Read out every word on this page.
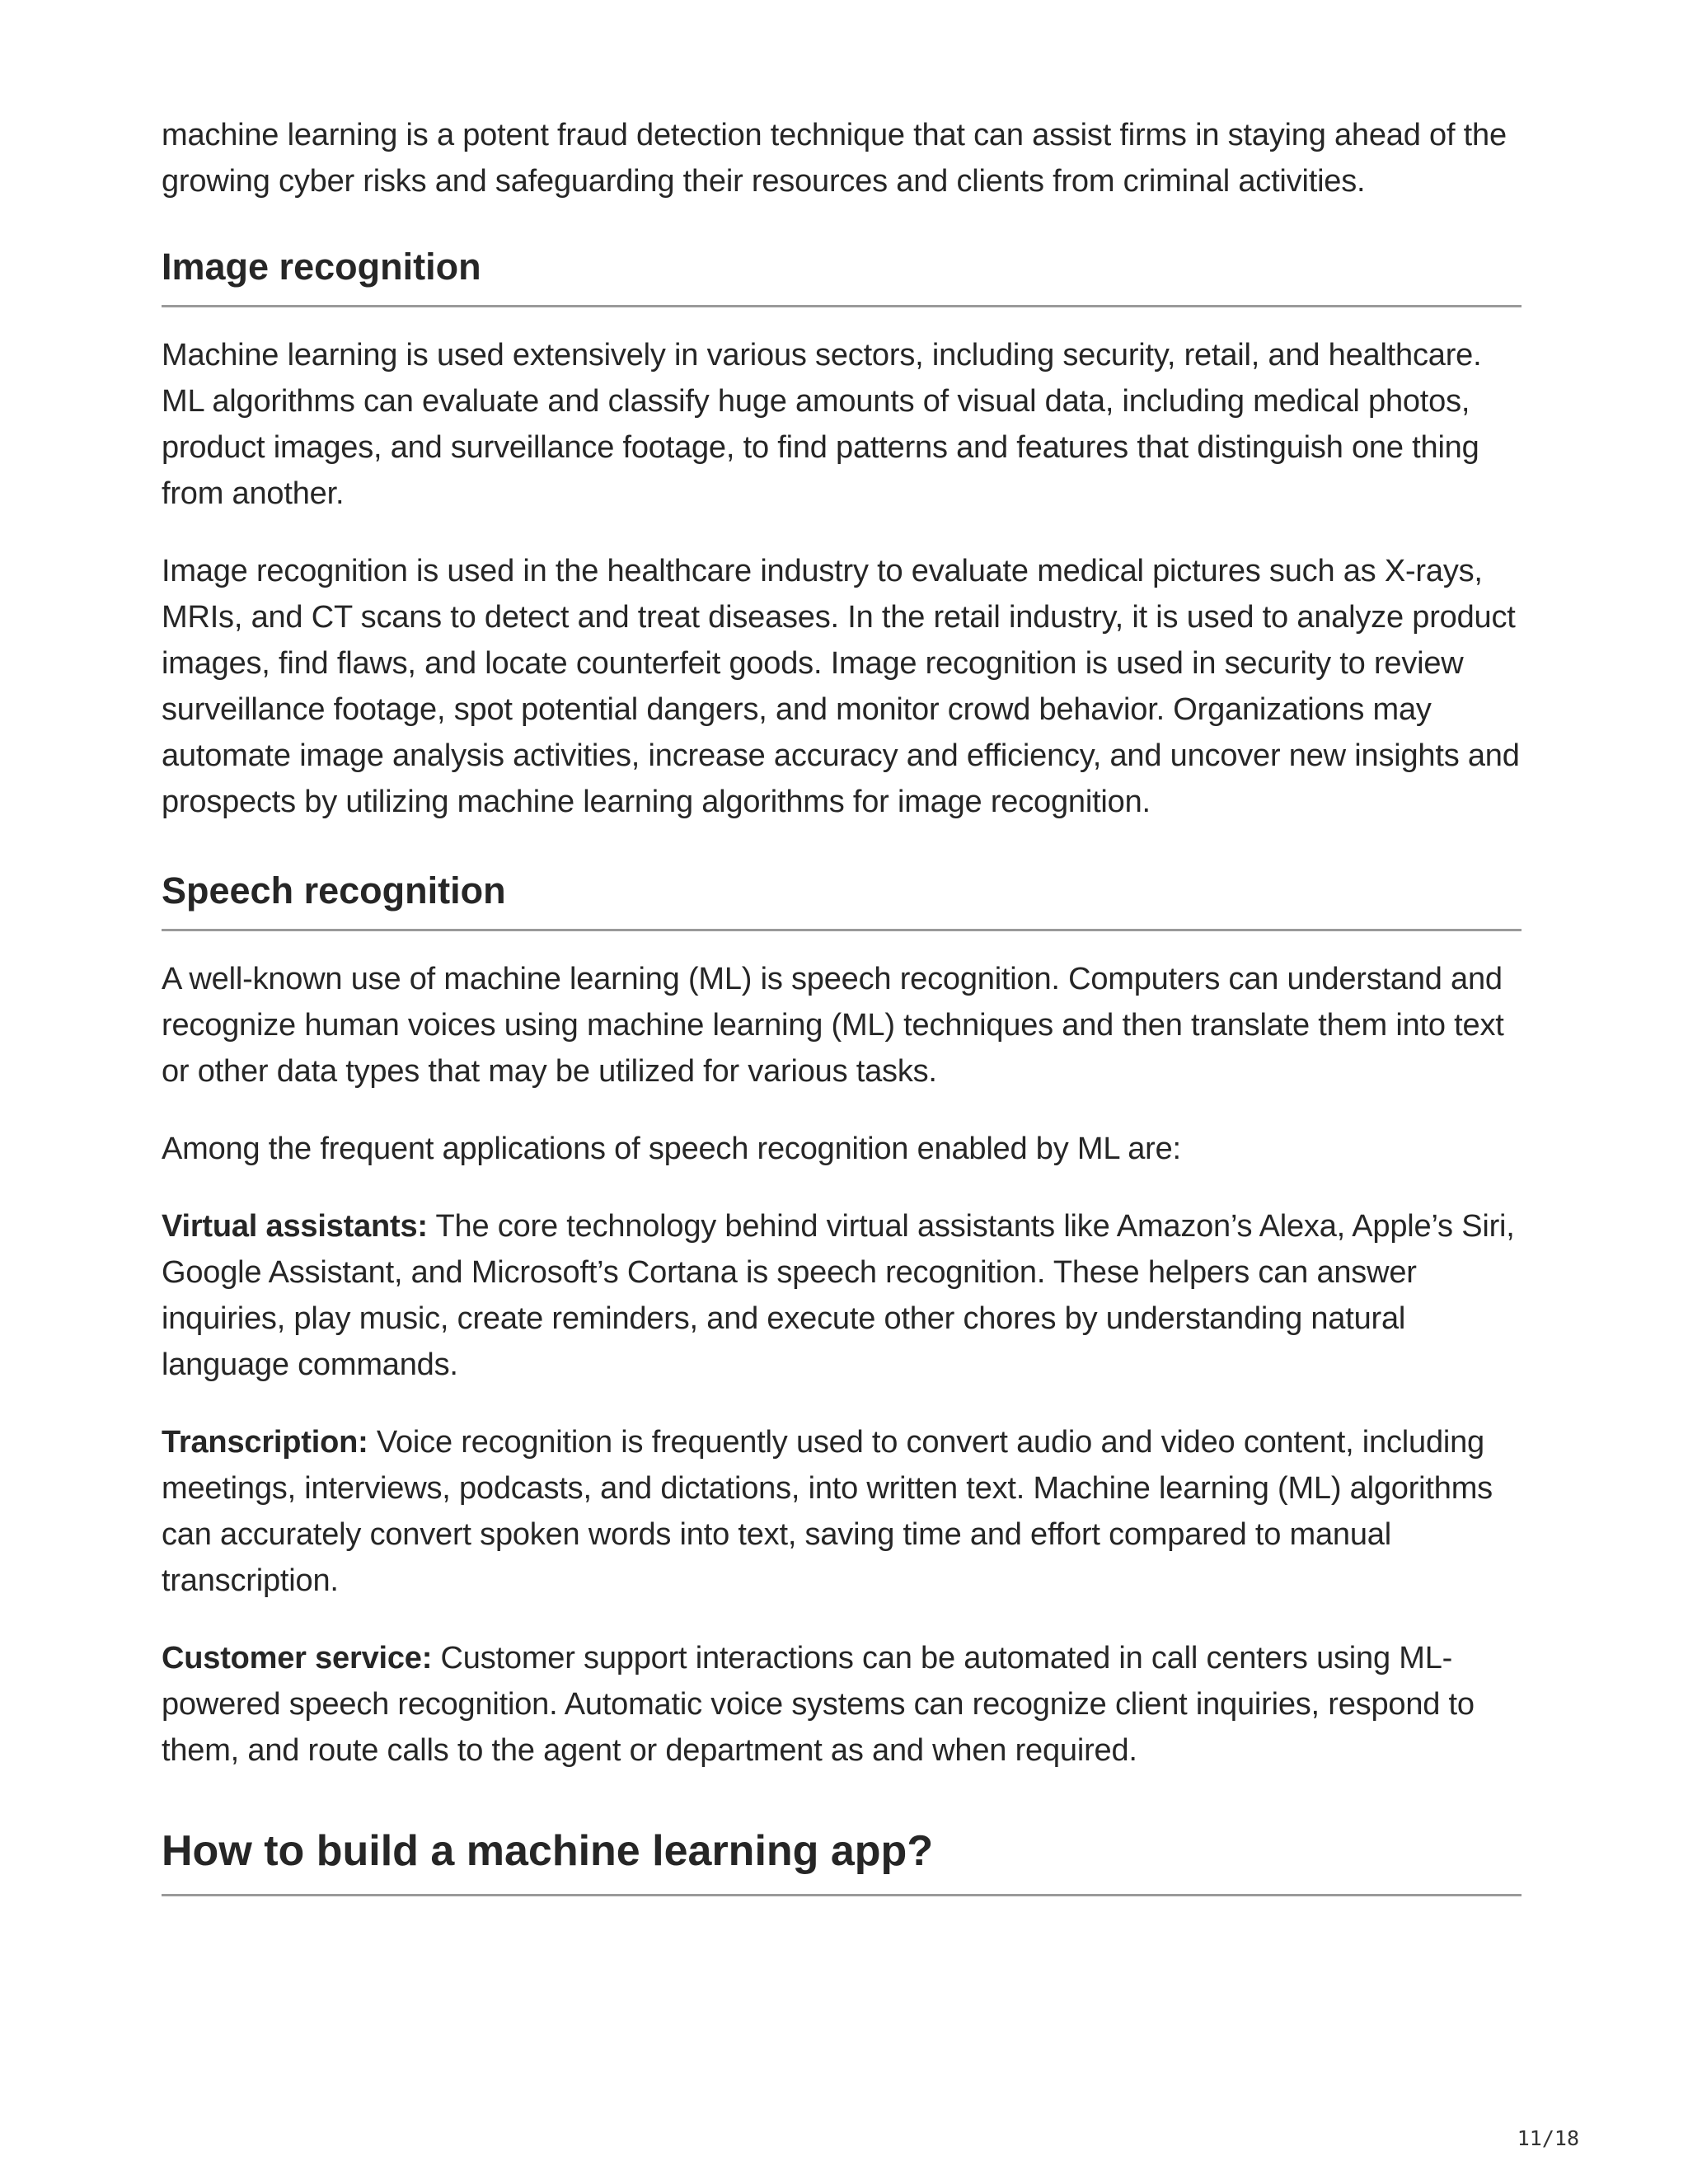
machine learning is a potent fraud detection technique that can assist firms in staying ahead of the growing cyber risks and safeguarding their resources and clients from criminal activities.

Image recognition

Machine learning is used extensively in various sectors, including security, retail, and healthcare. ML algorithms can evaluate and classify huge amounts of visual data, including medical photos, product images, and surveillance footage, to find patterns and features that distinguish one thing from another.

Image recognition is used in the healthcare industry to evaluate medical pictures such as X-rays, MRIs, and CT scans to detect and treat diseases. In the retail industry, it is used to analyze product images, find flaws, and locate counterfeit goods. Image recognition is used in security to review surveillance footage, spot potential dangers, and monitor crowd behavior. Organizations may automate image analysis activities, increase accuracy and efficiency, and uncover new insights and prospects by utilizing machine learning algorithms for image recognition.

Speech recognition

A well-known use of machine learning (ML) is speech recognition. Computers can understand and recognize human voices using machine learning (ML) techniques and then translate them into text or other data types that may be utilized for various tasks.

Among the frequent applications of speech recognition enabled by ML are:

Virtual assistants: The core technology behind virtual assistants like Amazon’s Alexa, Apple’s Siri, Google Assistant, and Microsoft’s Cortana is speech recognition. These helpers can answer inquiries, play music, create reminders, and execute other chores by understanding natural language commands.

Transcription: Voice recognition is frequently used to convert audio and video content, including meetings, interviews, podcasts, and dictations, into written text. Machine learning (ML) algorithms can accurately convert spoken words into text, saving time and effort compared to manual transcription.

Customer service: Customer support interactions can be automated in call centers using ML-powered speech recognition. Automatic voice systems can recognize client inquiries, respond to them, and route calls to the agent or department as and when required.

How to build a machine learning app?
11/18
